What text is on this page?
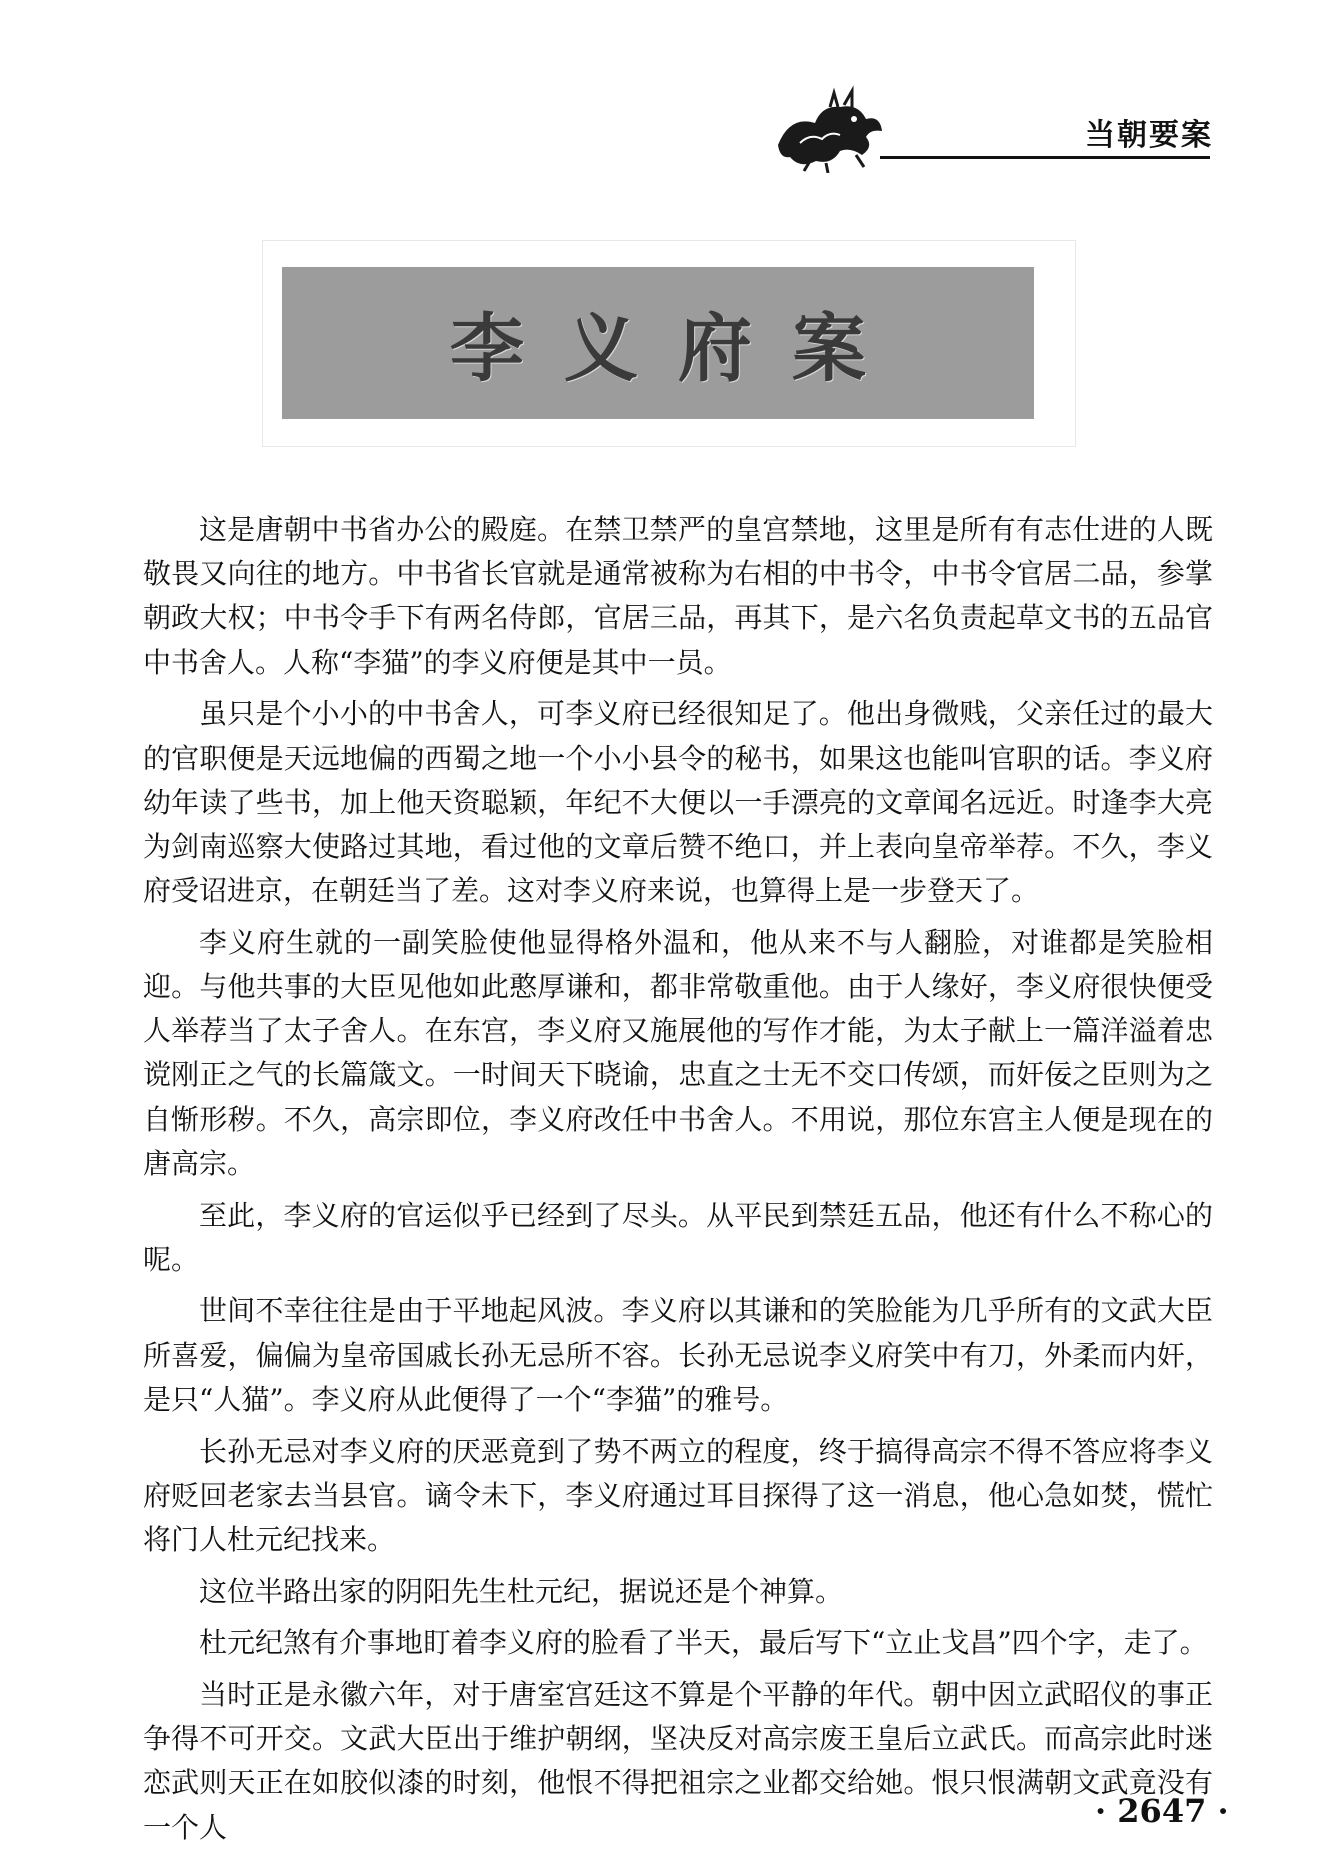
当朝要案
李义府案

这是唐朝中书省办公的殿庭。在禁卫禁严的皇宫禁地，这里是所有有志仕进的人既敬畏又向往的地方。中书省长官就是通常被称为右相的中书令，中书令官居二品，参掌朝政大权；中书令手下有两名侍郎，官居三品，再其下，是六名负责起草文书的五品官中书舍人。人称“李猫”的李义府便是其中一员。

虽只是个小小的中书舍人，可李义府已经很知足了。他出身微贱，父亲任过的最大的官职便是天远地偏的西蜀之地一个小小县令的秘书，如果这也能叫官职的话。李义府幼年读了些书，加上他天资聪颖，年纪不大便以一手漂亮的文章闻名远近。时逢李大亮为剑南巡察大使路过其地，看过他的文章后赞不绝口，并上表向皇帝举荐。不久，李义府受诏进京，在朝廷当了差。这对李义府来说，也算得上是一步登天了。

李义府生就的一副笑脸使他显得格外温和，他从来不与人翻脸，对谁都是笑脸相迎。与他共事的大臣见他如此憨厚谦和，都非常敬重他。由于人缘好，李义府很快便受人举荐当了太子舍人。在东宫，李义府又施展他的写作才能，为太子献上一篇洋溢着忠谠刚正之气的长篇箴文。一时间天下晓谕，忠直之士无不交口传颂，而奸佞之臣则为之自惭形秽。不久，高宗即位，李义府改任中书舍人。不用说，那位东宫主人便是现在的唐高宗。

至此，李义府的官运似乎已经到了尽头。从平民到禁廷五品，他还有什么不称心的呢。

世间不幸往往是由于平地起风波。李义府以其谦和的笑脸能为几乎所有的文武大臣所喜爱，偏偏为皇帝国戚长孙无忌所不容。长孙无忌说李义府笑中有刀，外柔而内奸，是只“人猫”。李义府从此便得了一个“李猫”的雅号。

长孙无忌对李义府的厌恶竟到了势不两立的程度，终于搞得高宗不得不答应将李义府贬回老家去当县官。谪令未下，李义府通过耳目探得了这一消息，他心急如焚，慌忙将门人杜元纪找来。

这位半路出家的阴阳先生杜元纪，据说还是个神算。

杜元纪煞有介事地盯着李义府的脸看了半天，最后写下“立止戈昌”四个字，走了。

当时正是永徽六年，对于唐室宫廷这不算是个平静的年代。朝中因立武昭仪的事正争得不可开交。文武大臣出于维护朝纲，坚决反对高宗废王皇后立武氏。而高宗此时迷恋武则天正在如胶似漆的时刻，他恨不得把祖宗之业都交给她。恨只恨满朝文武竟没有一个人	· 2647 ·
